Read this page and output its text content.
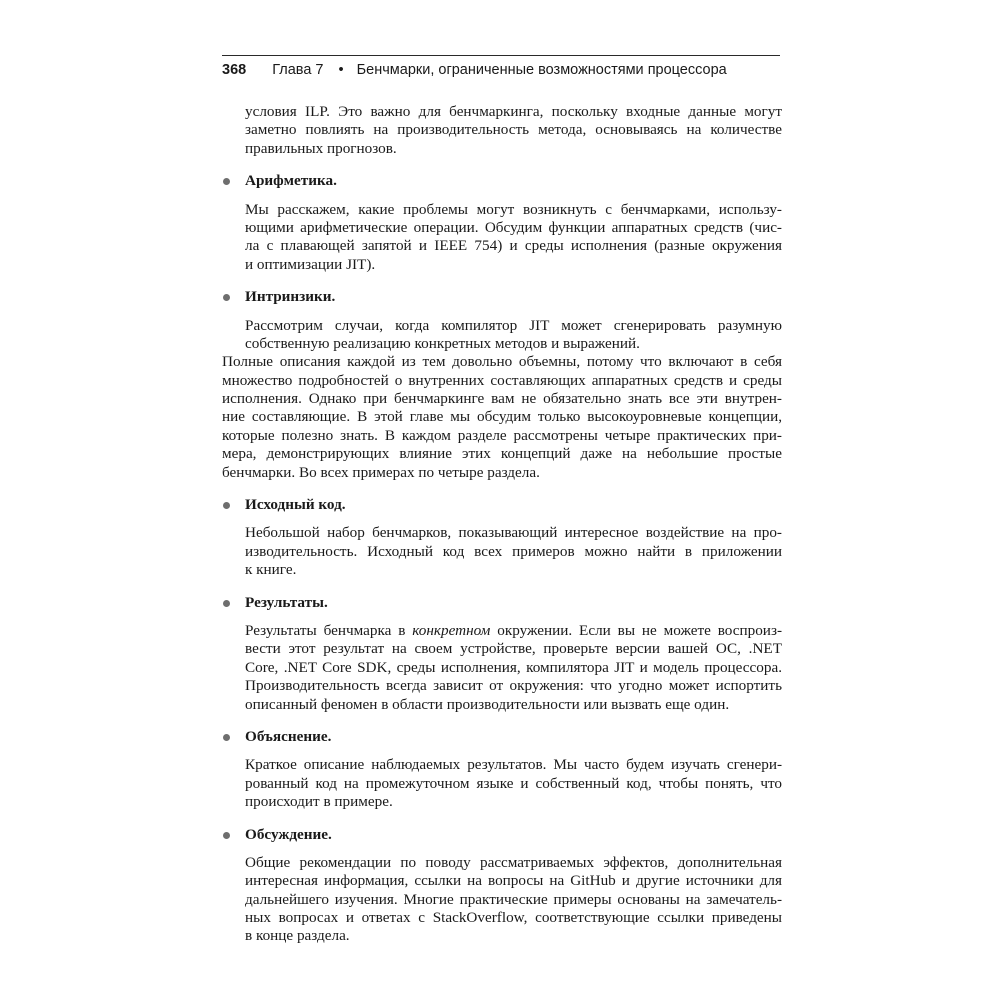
368 Глава 7 • Бенчмарки, ограниченные возможностями процессора
условия ILP. Это важно для бенчмаркинга, поскольку входные данные могут
заметно повлиять на производительность метода, основываясь на количестве
правильных прогнозов.
Арифметика.
Мы расскажем, какие проблемы могут возникнуть с бенчмарками, использу-
ющими арифметические операции. Обсудим функции аппаратных средств (чис-
ла с плавающей запятой и IEEE 754) и среды исполнения (разные окружения
и оптимизации JIT).
Интринзики.
Рассмотрим случаи, когда компилятор JIT может сгенерировать разумную
собственную реализацию конкретных методов и выражений.
Полные описания каждой из тем довольно объемны, потому что включают в себя
множество подробностей о внутренних составляющих аппаратных средств и среды
исполнения. Однако при бенчмаркинге вам не обязательно знать все эти внутрен-
ние составляющие. В этой главе мы обсудим только высокоуровневые концепции,
которые полезно знать. В каждом разделе рассмотрены четыре практических при-
мера, демонстрирующих влияние этих концепций даже на небольшие простые
бенчмарки. Во всех примерах по четыре раздела.
Исходный код.
Небольшой набор бенчмарков, показывающий интересное воздействие на про-
изводительность. Исходный код всех примеров можно найти в приложении
к книге.
Результаты.
Результаты бенчмарка в конкретном окружении. Если вы не можете воспроиз-
вести этот результат на своем устройстве, проверьте версии вашей ОС, .NET
Core, .NET Core SDK, среды исполнения, компилятора JIT и модель процессора.
Производительность всегда зависит от окружения: что угодно может испортить
описанный феномен в области производительности или вызвать еще один.
Объяснение.
Краткое описание наблюдаемых результатов. Мы часто будем изучать сгенери-
рованный код на промежуточном языке и собственный код, чтобы понять, что
происходит в примере.
Обсуждение.
Общие рекомендации по поводу рассматриваемых эффектов, дополнительная
интересная информация, ссылки на вопросы на GitHub и другие источники для
дальнейшего изучения. Многие практические примеры основаны на замечатель-
ных вопросах и ответах с StackOverflow, соответствующие ссылки приведены
в конце раздела.
